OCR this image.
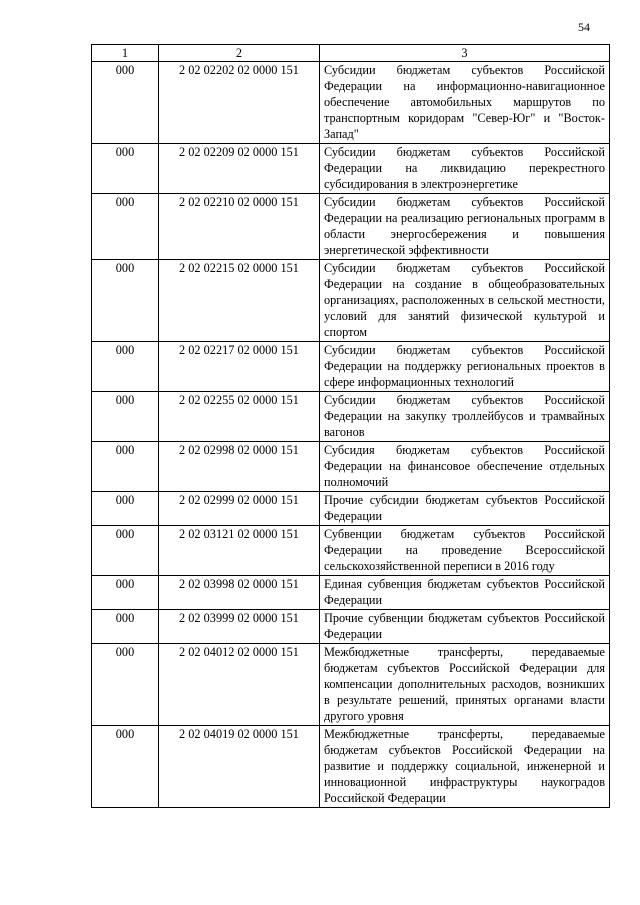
54
1	2	3
000	2 02 02202 02 0000 151	Субсидии бюджетам субъектов Российской Федерации на информационно-навигационное обеспечение автомобильных маршрутов по транспортным коридорам "Север-Юг" и "Восток-Запад"
000	2 02 02209 02 0000 151	Субсидии бюджетам субъектов Российской Федерации на ликвидацию перекрестного субсидирования в электроэнергетике
000	2 02 02210 02 0000 151	Субсидии бюджетам субъектов Российской Федерации на реализацию региональных программ в области энергосбережения и повышения энергетической эффективности
000	2 02 02215 02 0000 151	Субсидии бюджетам субъектов Российской Федерации на создание в общеобразовательных организациях, расположенных в сельской местности, условий для занятий физической культурой и спортом
000	2 02 02217 02 0000 151	Субсидии бюджетам субъектов Российской Федерации на поддержку региональных проектов в сфере информационных технологий
000	2 02 02255 02 0000 151	Субсидии бюджетам субъектов Российской Федерации на закупку троллейбусов и трамвайных вагонов
000	2 02 02998 02 0000 151	Субсидия бюджетам субъектов Российской Федерации на финансовое обеспечение отдельных полномочий
000	2 02 02999 02 0000 151	Прочие субсидии бюджетам субъектов Российской Федерации
000	2 02 03121 02 0000 151	Субвенции бюджетам субъектов Российской Федерации на проведение Всероссийской сельскохозяйственной переписи в 2016 году
000	2 02 03998 02 0000 151	Единая субвенция бюджетам субъектов Российской Федерации
000	2 02 03999 02 0000 151	Прочие субвенции бюджетам субъектов Российской Федерации
000	2 02 04012 02 0000 151	Межбюджетные трансферты, передаваемые бюджетам субъектов Российской Федерации для компенсации дополнительных расходов, возникших в результате решений, принятых органами власти другого уровня
000	2 02 04019 02 0000 151	Межбюджетные трансферты, передаваемые бюджетам субъектов Российской Федерации на развитие и поддержку социальной, инженерной и инновационной инфраструктуры наукоградов Российской Федерации
